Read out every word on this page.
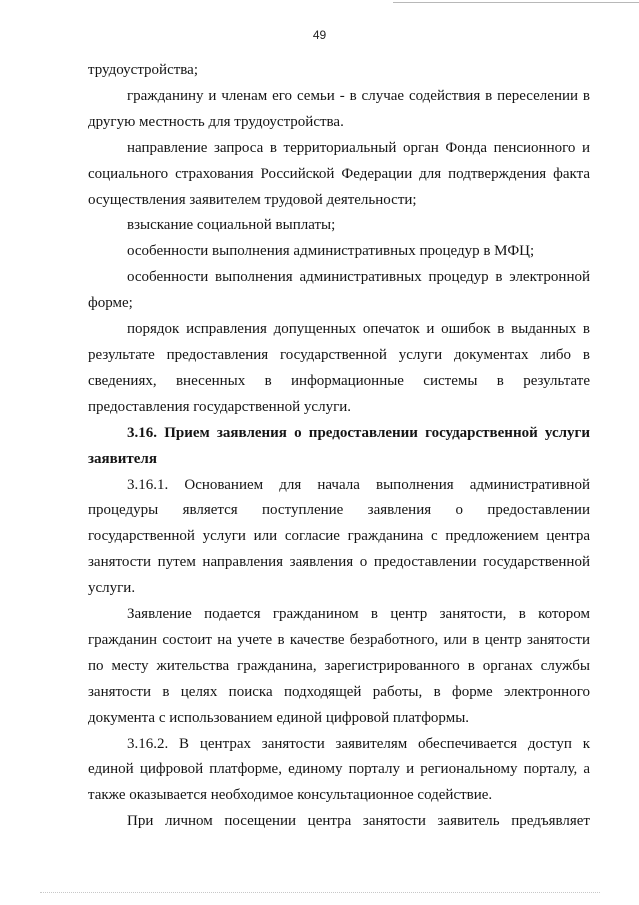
49

трудоустройства;

гражданину и членам его семьи - в случае содействия в переселении в другую местность для трудоустройства.

направление запроса в территориальный орган Фонда пенсионного и социального страхования Российской Федерации для подтверждения факта осуществления заявителем трудовой деятельности;

взыскание социальной выплаты;

особенности выполнения административных процедур в МФЦ;

особенности выполнения административных процедур в электронной форме;

порядок исправления допущенных опечаток и ошибок в выданных в результате предоставления государственной услуги документах либо в сведениях, внесенных в информационные системы в результате предоставления государственной услуги.

3.16. Прием заявления о предоставлении государственной услуги заявителя

3.16.1. Основанием для начала выполнения административной процедуры является поступление заявления о предоставлении государственной услуги или согласие гражданина с предложением центра занятости путем направления заявления о предоставлении государственной услуги.

Заявление подается гражданином в центр занятости, в котором гражданин состоит на учете в качестве безработного, или в центр занятости по месту жительства гражданина, зарегистрированного в органах службы занятости в целях поиска подходящей работы, в форме электронного документа с использованием единой цифровой платформы.

3.16.2. В центрах занятости заявителям обеспечивается доступ к единой цифровой платформе, единому порталу и региональному порталу, а также оказывается необходимое консультационное содействие.

При личном посещении центра занятости заявитель предъявляет
